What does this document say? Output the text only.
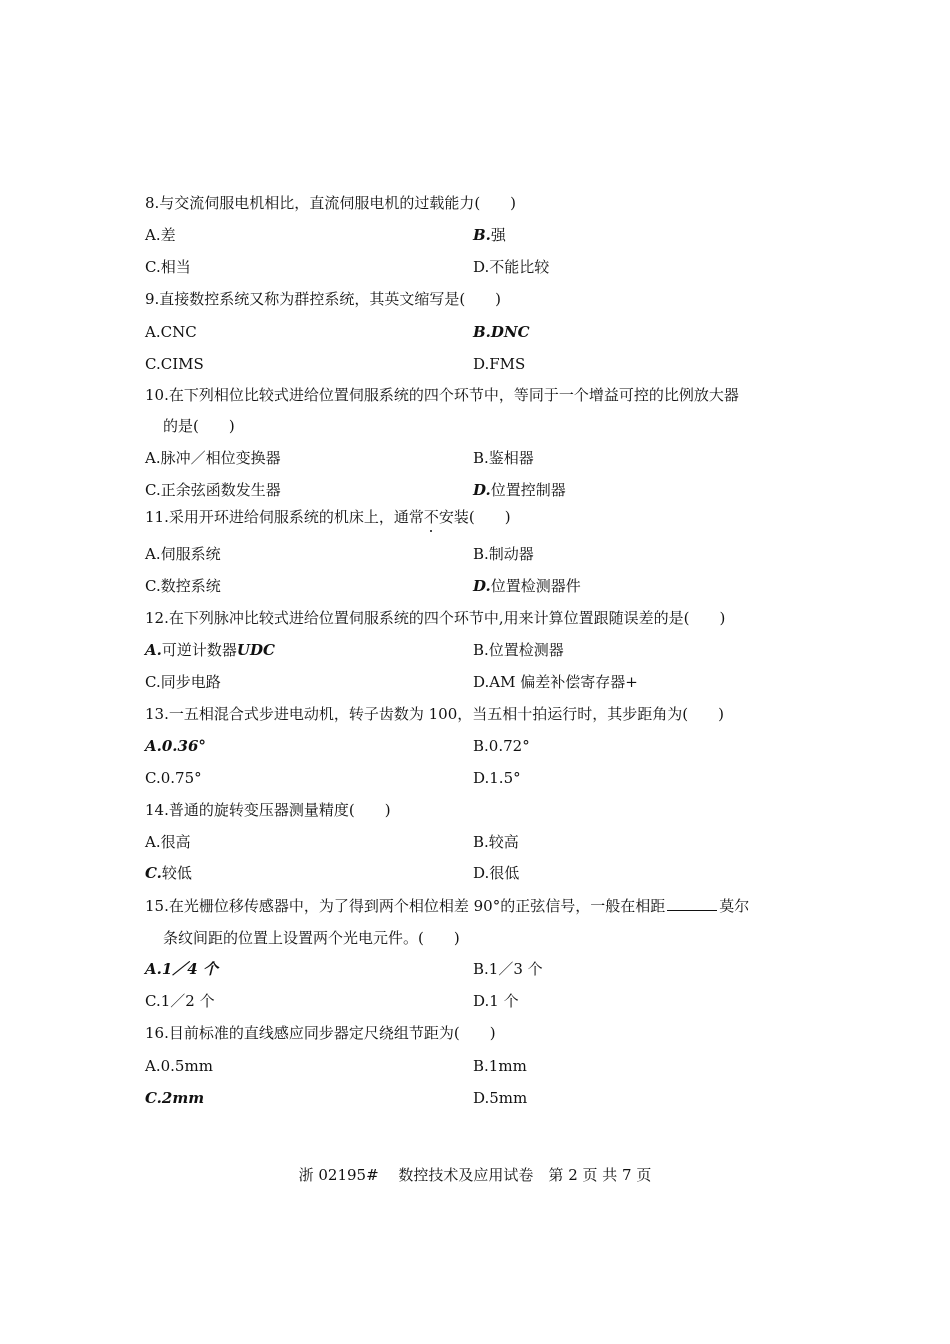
8.与交流伺服电机相比，直流伺服电机的过载能力(　　)
A.差	B.强
C.相当	D.不能比较
9.直接数控系统又称为群控系统，其英文缩写是(　　)
A.CNC	B.DNC
C.CIMS	D.FMS
10.在下列相位比较式进给位置伺服系统的四个环节中，等同于一个增益可控的比例放大器
的是(　　)
A.脉冲／相位变换器	B.鉴相器
C.正余弦函数发生器	D.位置控制器
11.采用开环进给伺服系统的机床上，通常不安装(　　)
A.伺服系统	B.制动器
C.数控系统	D.位置检测器件
12.在下列脉冲比较式进给位置伺服系统的四个环节中,用来计算位置跟随误差的是(　　)
A.可逆计数器UDC	B.位置检测器
C.同步电路	D.AM 偏差补偿寄存器+
13.一五相混合式步进电动机，转子齿数为 100，当五相十拍运行时，其步距角为(　　)
A.0.36°	B.0.72°
C.0.75°	D.1.5°
14.普通的旋转变压器测量精度(　　)
A.很高	B.较高
C.较低	D.很低
15.在光栅位移传感器中，为了得到两个相位相差 90°的正弦信号，一般在相距	莫尔
条纹间距的位置上设置两个光电元件。(　　)
A.1／4 个	B.1／3 个
C.1／2 个	D.1 个
16.目前标准的直线感应同步器定尺绕组节距为(　　)
A.0.5mm	B.1mm
C.2mm	D.5mm
浙 02195#　 数控技术及应用试卷　第 2 页 共 7 页
